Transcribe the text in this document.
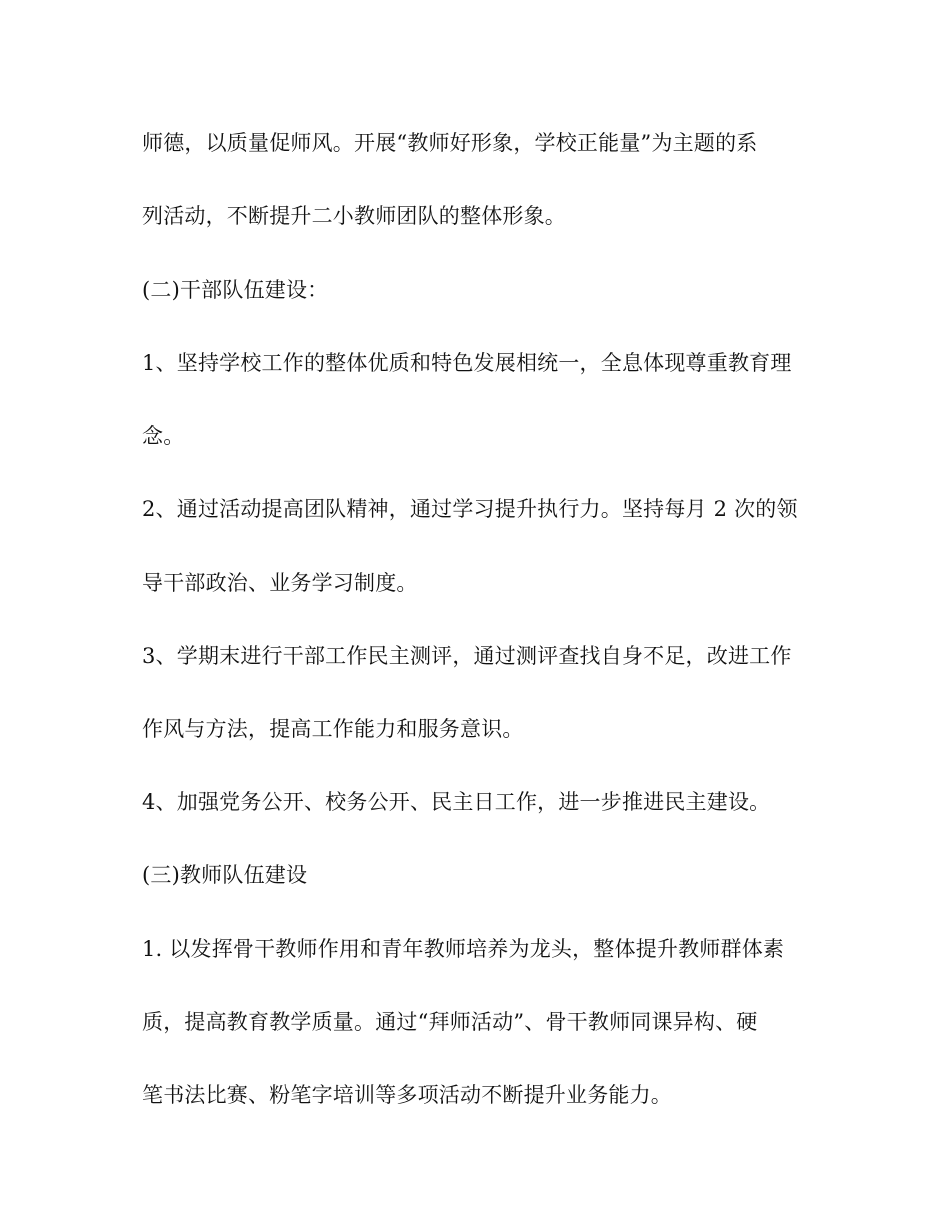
师德，以质量促师风。开展“教师好形象，学校正能量”为主题的系
列活动，不断提升二小教师团队的整体形象。
(二)干部队伍建设：
1、坚持学校工作的整体优质和特色发展相统一，全息体现尊重教育理
念。
2、通过活动提高团队精神，通过学习提升执行力。坚持每月 2 次的领
导干部政治、业务学习制度。
3、学期末进行干部工作民主测评，通过测评查找自身不足，改进工作
作风与方法，提高工作能力和服务意识。
4、加强党务公开、校务公开、民主日工作，进一步推进民主建设。
(三)教师队伍建设
1. 以发挥骨干教师作用和青年教师培养为龙头，整体提升教师群体素
质，提高教育教学质量。通过“拜师活动”、骨干教师同课异构、硬
笔书法比赛、粉笔字培训等多项活动不断提升业务能力。
